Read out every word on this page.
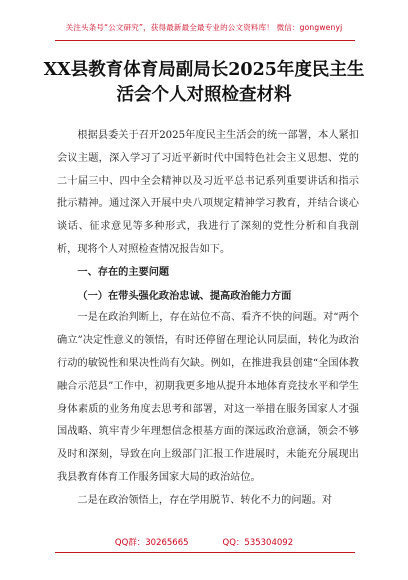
关注头条号“公文研究”，获得最新最全最专业的公文资料库！ 微信：gongwenyj
XX县教育体育局副局长2025年度民主生
活会个人对照检查材料

根据县委关于召开2025年度民主生活会的统一部署，本人紧扣会议主题，深入学习了习近平新时代中国特色社会主义思想、党的二十届三中、四中全会精神以及习近平总书记系列重要讲话和指示批示精神。通过深入开展中央八项规定精神学习教育，并结合谈心谈话、征求意见等多种形式，我进行了深刻的党性分析和自我剖析，现将个人对照检查情况报告如下。

一、存在的主要问题

（一）在带头强化政治忠诚、提高政治能力方面

一是在政治判断上，存在站位不高、看齐不快的问题。对“两个确立”决定性意义的领悟，有时还停留在理论认同层面，转化为政治行动的敏锐性和果决性尚有欠缺。例如，在推进我县创建“全国体教融合示范县”工作中，初期我更多地从提升本地体育竞技水平和学生身体素质的业务角度去思考和部署，对这一举措在服务国家人才强国战略、筑牢青少年理想信念根基方面的深远政治意涵，领会不够及时和深刻，导致在向上级部门汇报工作进展时，未能充分展现出我县教育体育工作服务国家大局的政治站位。

二是在政治领悟上，存在学用脱节、转化不力的问题。对

QQ群：30265665	QQ：535304092
